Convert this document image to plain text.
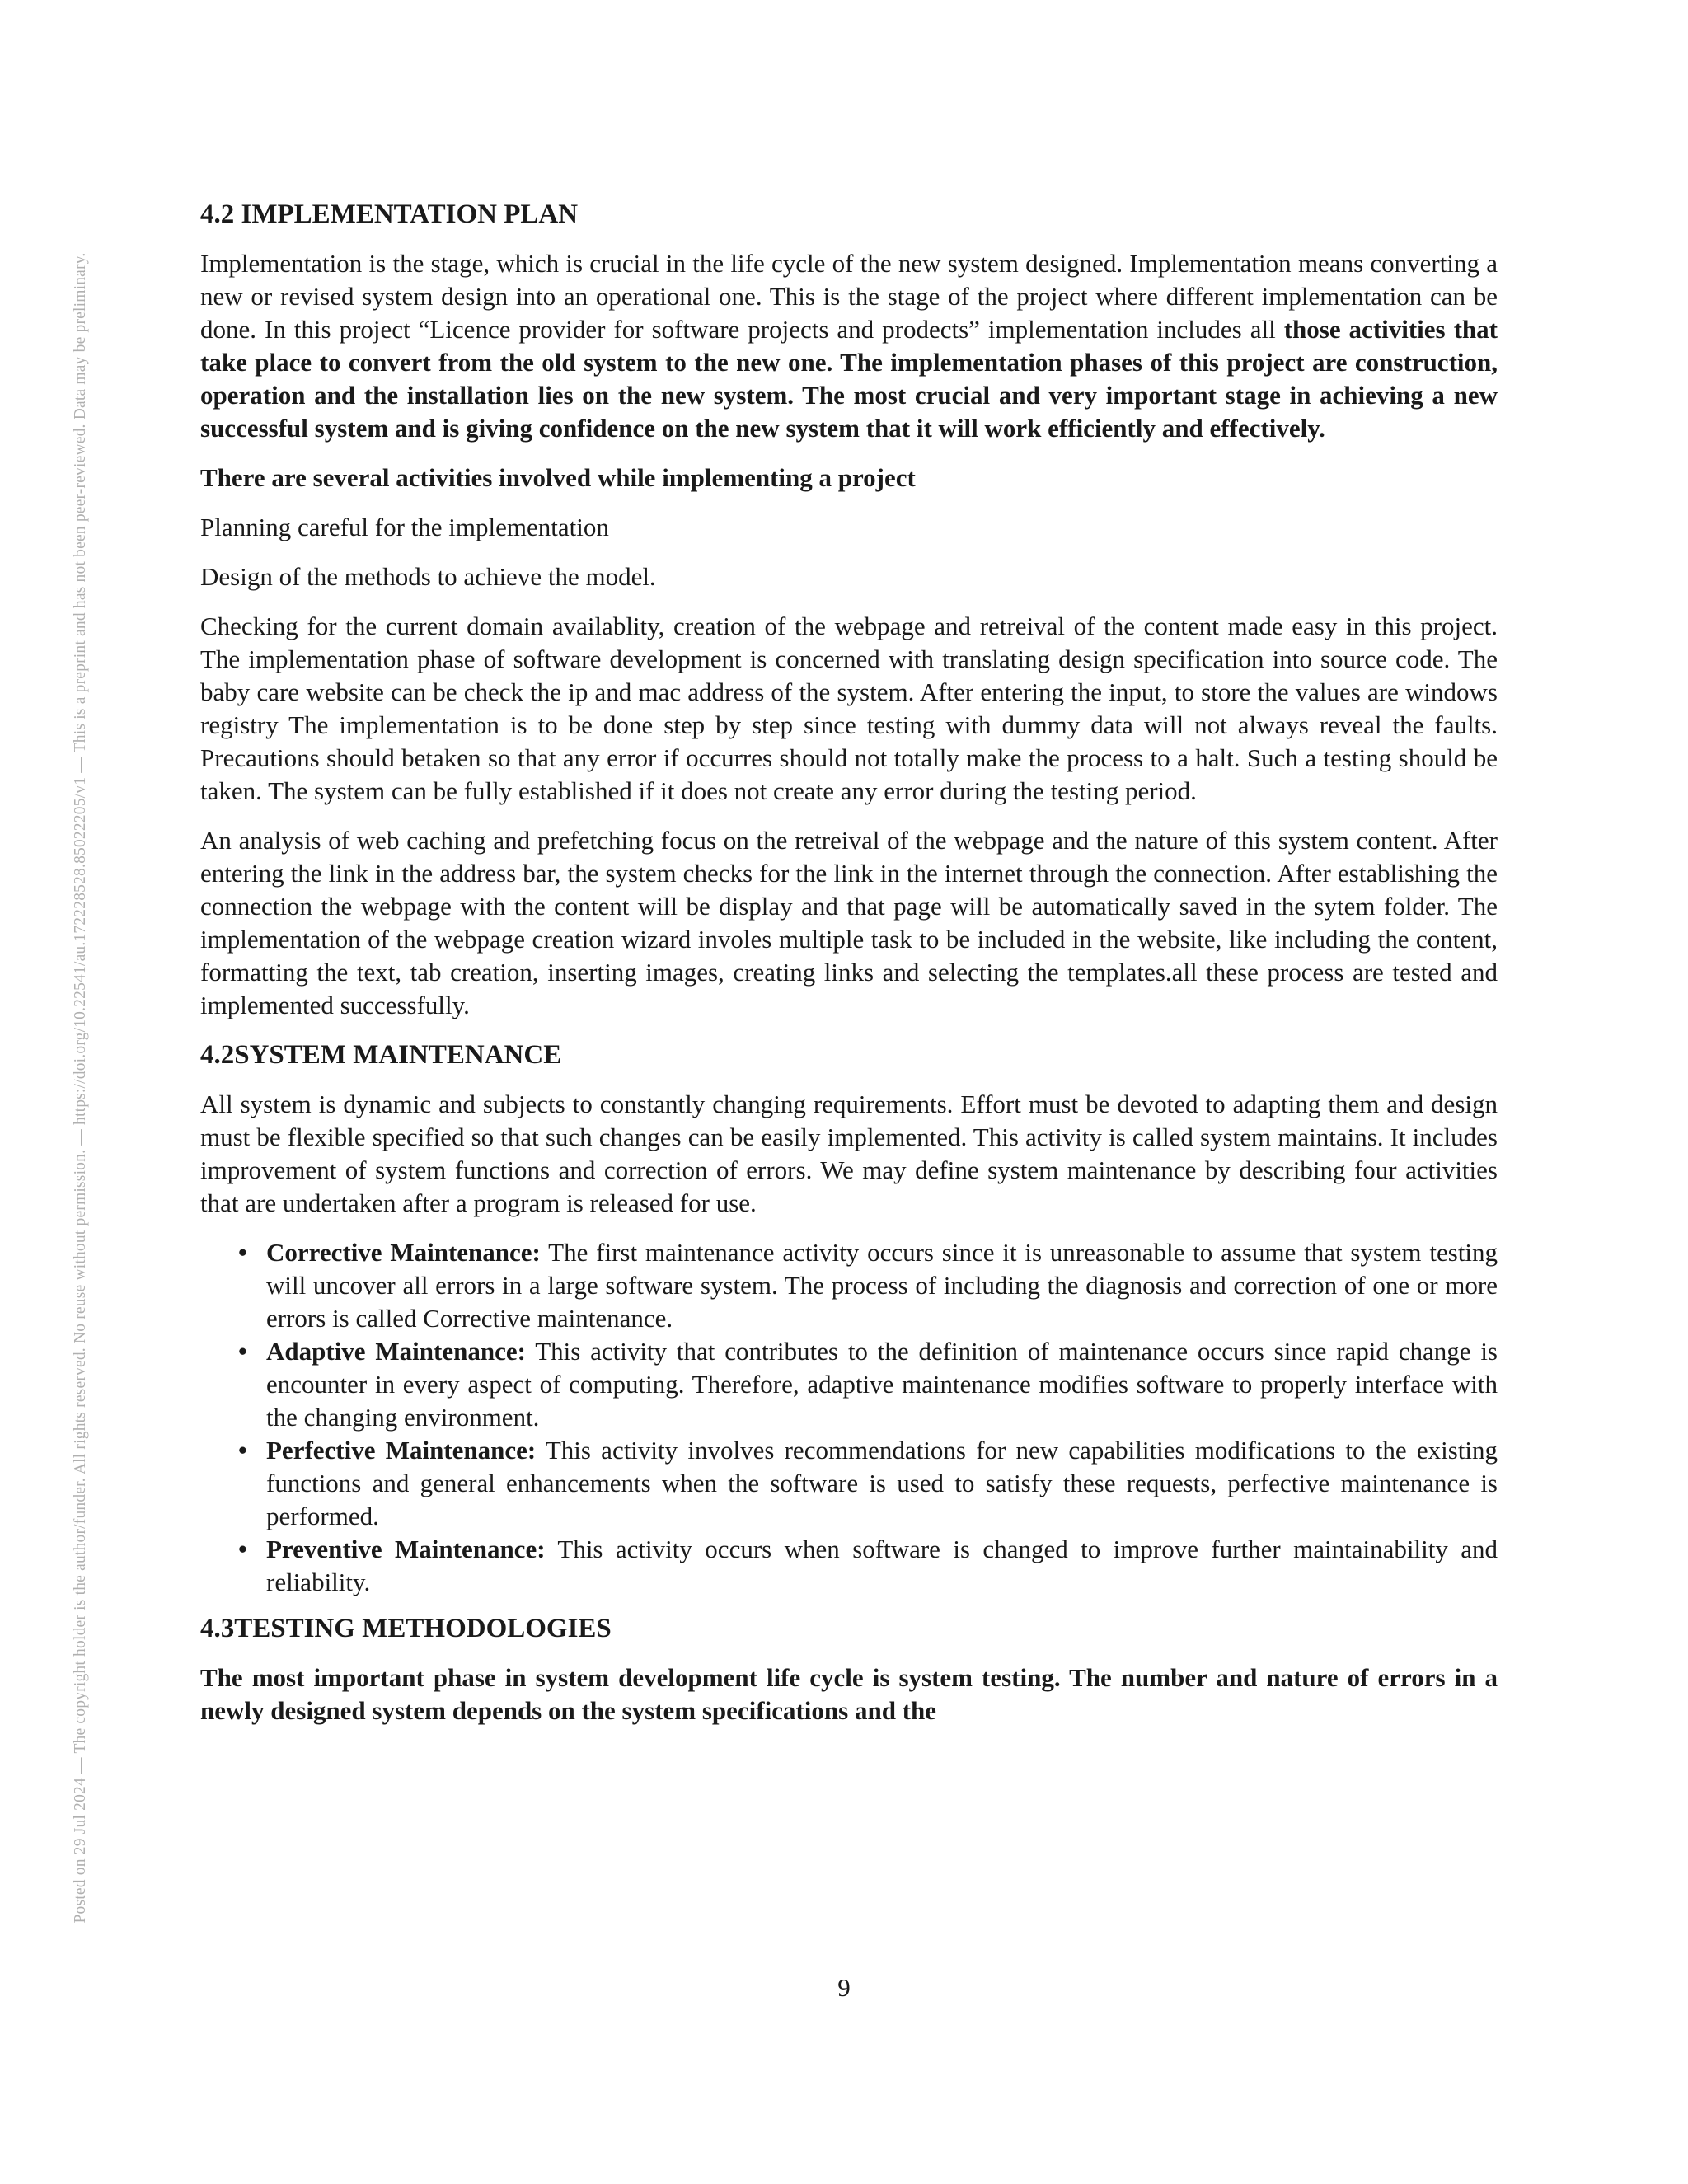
Posted on 29 Jul 2024 — The copyright holder is the author/funder. All rights reserved. No reuse without permission. — https://doi.org/10.22541/au.172228528.85022205/v1 — This is a preprint and has not been peer-reviewed. Data may be preliminary.
4.2 IMPLEMENTATION PLAN

Implementation is the stage, which is crucial in the life cycle of the new system designed. Implementation means converting a new or revised system design into an operational one. This is the stage of the project where different implementation can be done. In this project “Licence provider for software projects and prodects” implementation includes all those activities that take place to convert from the old system to the new one. The implementation phases of this project are construction, operation and the installation lies on the new system. The most crucial and very important stage in achieving a new successful system and is giving confidence on the new system that it will work efficiently and effectively.

There are several activities involved while implementing a project

Planning careful for the implementation

Design of the methods to achieve the model.

Checking for the current domain availablity, creation of the webpage and retreival of the content made easy in this project. The implementation phase of software development is concerned with translating design specification into source code. The baby care website can be check the ip and mac address of the system. After entering the input, to store the values are windows registry The implementation is to be done step by step since testing with dummy data will not always reveal the faults. Precautions should betaken so that any error if occurres should not totally make the process to a halt. Such a testing should be taken. The system can be fully established if it does not create any error during the testing period.

An analysis of web caching and prefetching focus on the retreival of the webpage and the nature of this system content. After entering the link in the address bar, the system checks for the link in the internet through the connection. After establishing the connection the webpage with the content will be display and that page will be automatically saved in the sytem folder. The implementation of the webpage creation wizard involes multiple task to be included in the website, like including the content, formatting the text, tab creation, inserting images, creating links and selecting the templates.all these process are tested and implemented successfully.

4.2SYSTEM MAINTENANCE

All system is dynamic and subjects to constantly changing requirements. Effort must be devoted to adapting them and design must be flexible specified so that such changes can be easily implemented. This activity is called system maintains. It includes improvement of system functions and correction of errors. We may define system maintenance by describing four activities that are undertaken after a program is released for use.

• Corrective Maintenance: The first maintenance activity occurs since it is unreasonable to assume that system testing will uncover all errors in a large software system. The process of including the diagnosis and correction of one or more errors is called Corrective maintenance.
• Adaptive Maintenance: This activity that contributes to the definition of maintenance occurs since rapid change is encounter in every aspect of computing. Therefore, adaptive maintenance modifies software to properly interface with the changing environment.
• Perfective Maintenance: This activity involves recommendations for new capabilities modifications to the existing functions and general enhancements when the software is used to satisfy these requests, perfective maintenance is performed.
• Preventive Maintenance: This activity occurs when software is changed to improve further maintainability and reliability.
4.3TESTING METHODOLOGIES

The most important phase in system development life cycle is system testing. The number and nature of errors in a newly designed system depends on the system specifications and the

9
